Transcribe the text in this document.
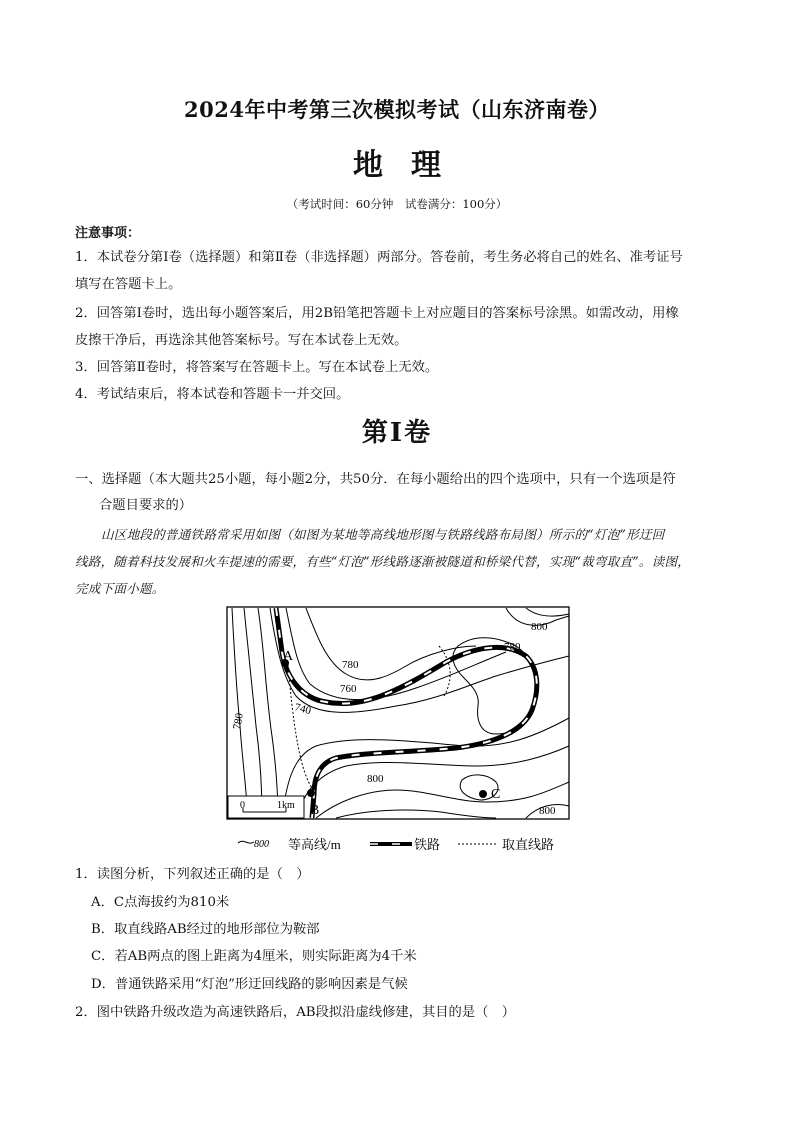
2024年中考第三次模拟考试（山东济南卷）
地理
（考试时间：60分钟　试卷满分：100分）
注意事项：
1．本试卷分第Ⅰ卷（选择题）和第Ⅱ卷（非选择题）两部分。答卷前，考生务必将自己的姓名、准考证号
填写在答题卡上。
2．回答第Ⅰ卷时，选出每小题答案后，用2B铅笔把答题卡上对应题目的答案标号涂黑。如需改动，用橡
皮擦干净后，再选涂其他答案标号。写在本试卷上无效。
3．回答第Ⅱ卷时，将答案写在答题卡上。写在本试卷上无效。
4．考试结束后，将本试卷和答题卡一并交回。
第Ⅰ卷
一、选择题（本大题共25小题，每小题2分，共50分．在每小题给出的四个选项中，只有一个选项是符
合题目要求的）
山区地段的普通铁路常采用如图（如图为某地等高线地形图与铁路线路布局图）所示的“灯泡”形迂回
线路，随着科技发展和火车提速的需要，有些“灯泡”形线路逐渐被隧道和桥梁代替，实现“裁弯取直”。读图，
完成下面小题。
A
B
C
800
780
780
760
740
780
800
800
0	1km
800 等高线/m	铁路	取直线路
1．读图分析，下列叙述正确的是（　）
A．C点海拔约为810米
B．取直线路AB经过的地形部位为鞍部
C．若AB两点的图上距离为4厘米，则实际距离为4千米
D．普通铁路采用“灯泡”形迂回线路的影响因素是气候
2．图中铁路升级改造为高速铁路后，AB段拟沿虚线修建，其目的是（　）
